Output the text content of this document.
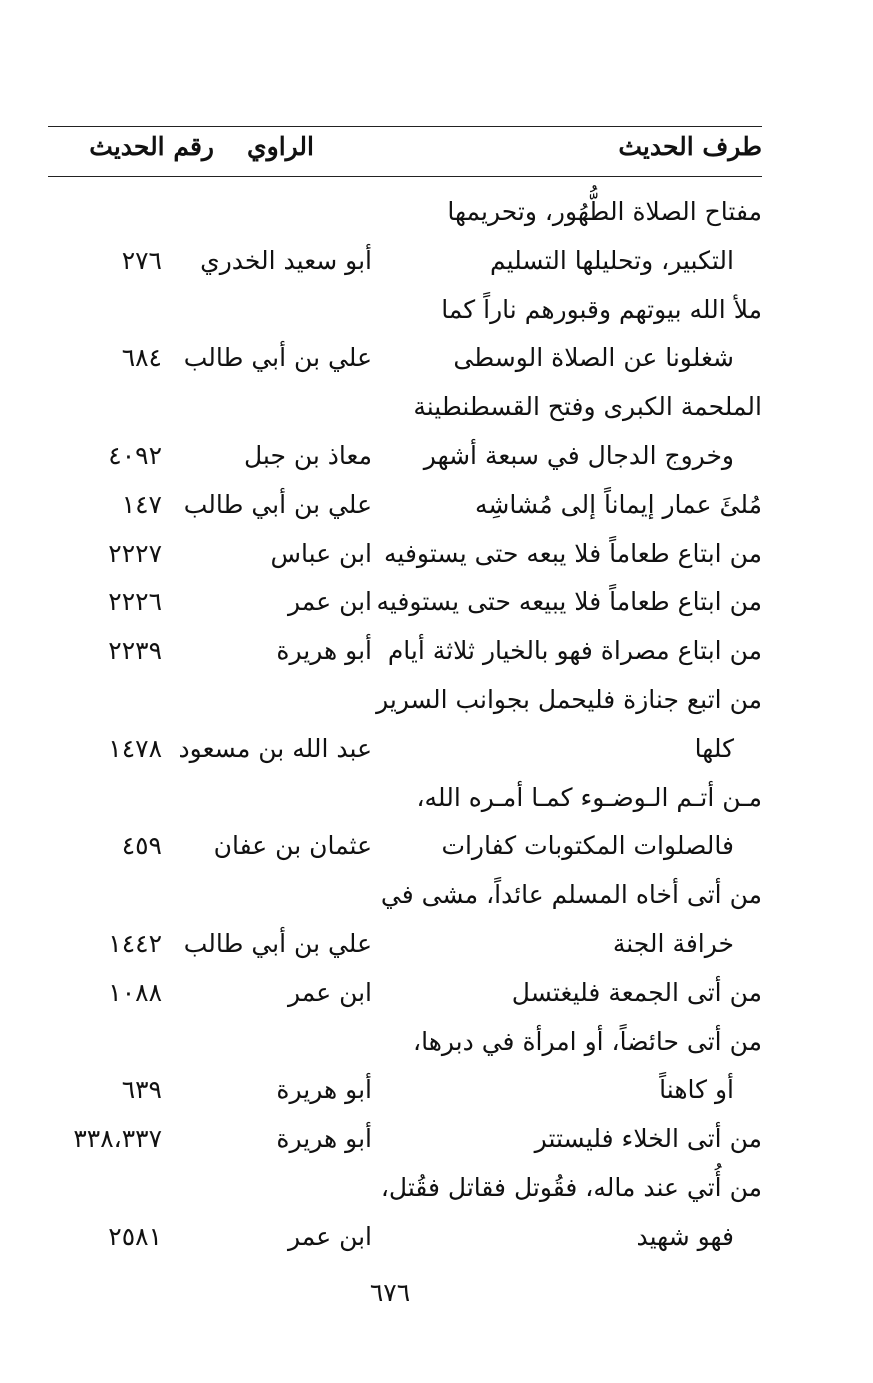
طرف الحديث
الراوي
رقم الحديث
مفتاح الصلاة الطُّهُور، وتحريمها
التكبير، وتحليلها التسليم
أبو سعيد الخدري
٢٧٦
ملأ الله بيوتهم وقبورهم ناراً كما
شغلونا عن الصلاة الوسطى
علي بن أبي طالب
٦٨٤
الملحمة الكبرى وفتح القسطنطينة
وخروج الدجال في سبعة أشهر
معاذ بن جبل
٤٠٩٢
مُلئَ عمار إيماناً إلى مُشاشِه
علي بن أبي طالب
١٤٧
من ابتاع طعاماً فلا يبعه حتى يستوفيه
ابن عباس
٢٢٢٧
من ابتاع طعاماً فلا يبيعه حتى يستوفيه
ابن عمر
٢٢٢٦
من ابتاع مصراة فهو بالخيار ثلاثة أيام
أبو هريرة
٢٢٣٩
من اتبع جنازة فليحمل بجوانب السرير
كلها
عبد الله بن مسعود
١٤٧٨
مـن أتـم الـوضـوء كمـا أمـره الله،
فالصلوات المكتوبات كفارات
عثمان بن عفان
٤٥٩
من أتى أخاه المسلم عائداً، مشى في
خرافة الجنة
علي بن أبي طالب
١٤٤٢
من أتى الجمعة فليغتسل
ابن عمر
١٠٨٨
من أتى حائضاً، أو امرأة في دبرها،
أو كاهناً
أبو هريرة
٦٣٩
من أتى الخلاء فليستتر
أبو هريرة
٣٣٨،٣٣٧
من أُتي عند ماله، فقُوتل فقاتل فقُتل،
فهو شهيد
ابن عمر
٢٥٨١
٦٧٦
